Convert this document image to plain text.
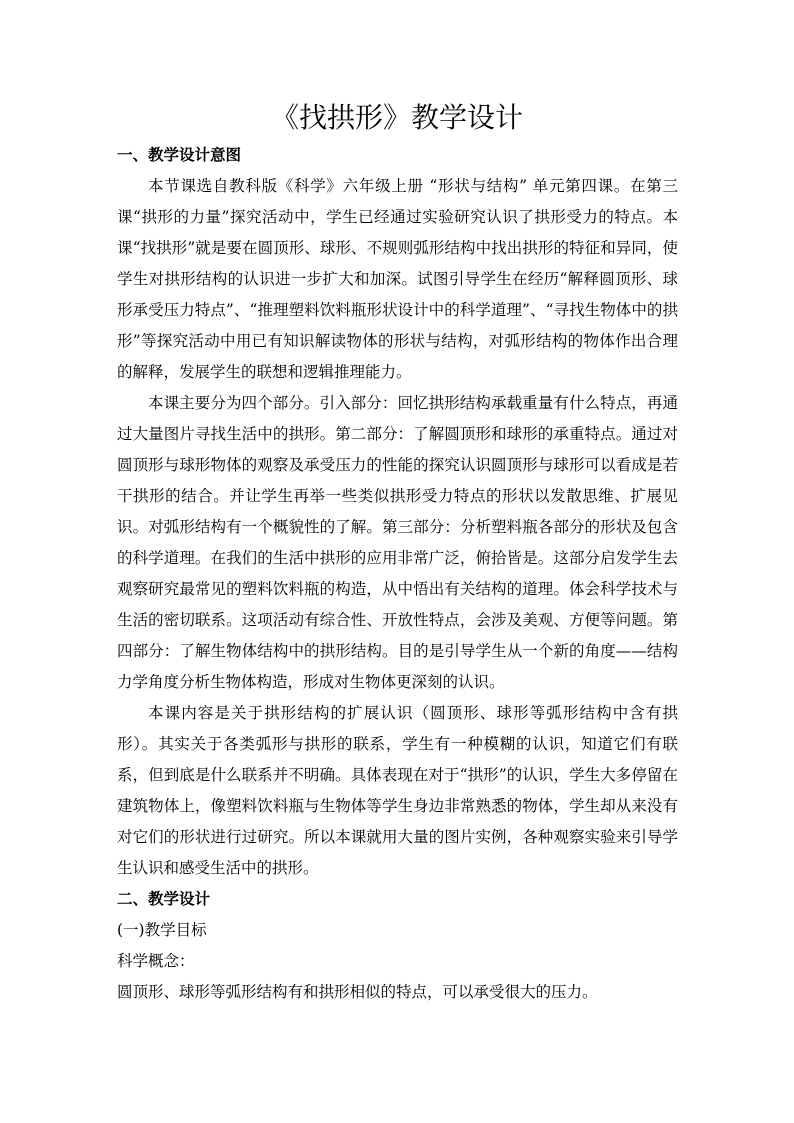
《找拱形》教学设计

一、教学设计意图

本节课选自教科版《科学》六年级上册 “形状与结构” 单元第四课。在第三课“拱形的力量”探究活动中，学生已经通过实验研究认识了拱形受力的特点。本课“找拱形”就是要在圆顶形、球形、不规则弧形结构中找出拱形的特征和异同，使学生对拱形结构的认识进一步扩大和加深。试图引导学生在经历“解释圆顶形、球形承受压力特点”、“推理塑料饮料瓶形状设计中的科学道理”、“寻找生物体中的拱形”等探究活动中用已有知识解读物体的形状与结构，对弧形结构的物体作出合理的解释，发展学生的联想和逻辑推理能力。

本课主要分为四个部分。引入部分：回忆拱形结构承载重量有什么特点，再通过大量图片寻找生活中的拱形。第二部分：了解圆顶形和球形的承重特点。通过对圆顶形与球形物体的观察及承受压力的性能的探究认识圆顶形与球形可以看成是若干拱形的结合。并让学生再举一些类似拱形受力特点的形状以发散思维、扩展见识。对弧形结构有一个概貌性的了解。第三部分：分析塑料瓶各部分的形状及包含的科学道理。在我们的生活中拱形的应用非常广泛，俯拾皆是。这部分启发学生去观察研究最常见的塑料饮料瓶的构造，从中悟出有关结构的道理。体会科学技术与生活的密切联系。这项活动有综合性、开放性特点，会涉及美观、方便等问题。第四部分：了解生物体结构中的拱形结构。目的是引导学生从一个新的角度——结构力学角度分析生物体构造，形成对生物体更深刻的认识。

本课内容是关于拱形结构的扩展认识（圆顶形、球形等弧形结构中含有拱形）。其实关于各类弧形与拱形的联系，学生有一种模糊的认识，知道它们有联系，但到底是什么联系并不明确。具体表现在对于“拱形”的认识，学生大多停留在建筑物体上，像塑料饮料瓶与生物体等学生身边非常熟悉的物体，学生却从来没有对它们的形状进行过研究。所以本课就用大量的图片实例，各种观察实验来引导学生认识和感受生活中的拱形。

二、教学设计

(一)教学目标

科学概念：

圆顶形、球形等弧形结构有和拱形相似的特点，可以承受很大的压力。
